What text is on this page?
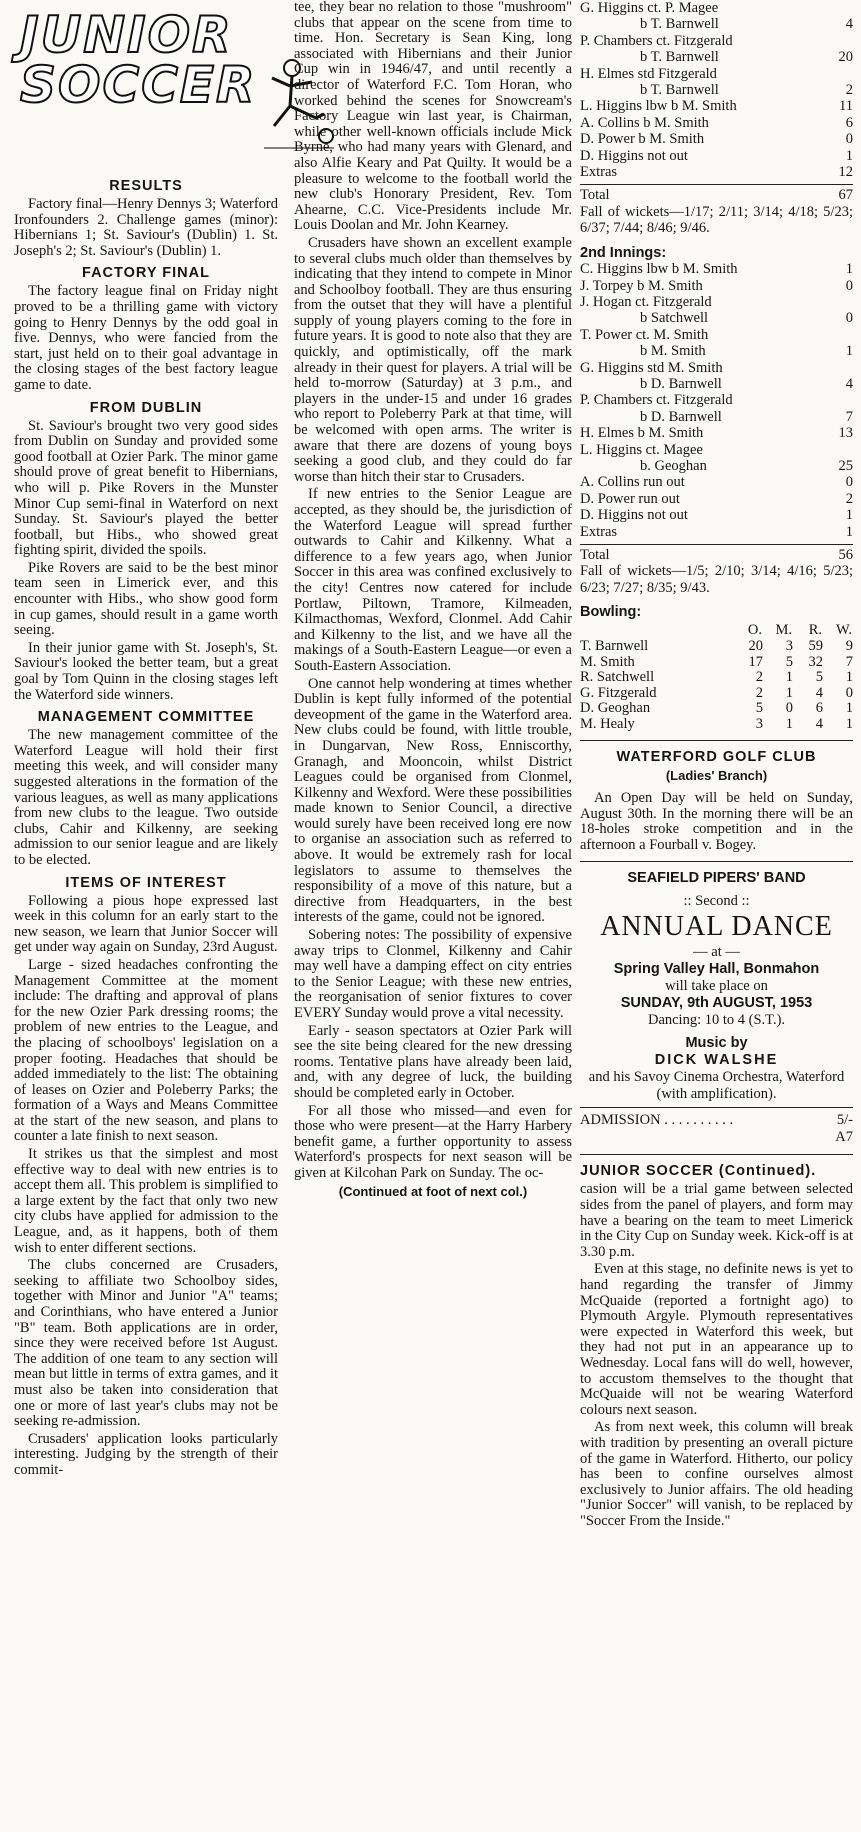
JUNIOR SOCCER
RESULTS

Factory final—Henry Dennys 3; Waterford Ironfounders 2. Challenge games (minor): Hibernians 1; St. Saviour's (Dublin) 1. St. Joseph's 2; St. Saviour's (Dublin) 1.

FACTORY FINAL

The factory league final on Friday night proved to be a thrilling game with victory going to Henry Dennys by the odd goal in five. Dennys, who were fancied from the start, just held on to their goal advantage in the closing stages of the best factory league game to date.

FROM DUBLIN

St. Saviour's brought two very good sides from Dublin on Sunday and provided some good football at Ozier Park. The minor game should prove of great benefit to Hibernians, who will p. Pike Rovers in the Munster Minor Cup semi-final in Waterford on next Sunday. St. Saviour's played the better football, but Hibs., who showed great fighting spirit, divided the spoils.

Pike Rovers are said to be the best minor team seen in Limerick ever, and this encounter with Hibs., who show good form in cup games, should result in a game worth seeing.

In their junior game with St. Joseph's, St. Saviour's looked the better team, but a great goal by Tom Quinn in the closing stages left the Waterford side winners.

MANAGEMENT COMMITTEE

The new management committee of the Waterford League will hold their first meeting this week, and will consider many suggested alterations in the formation of the various leagues, as well as many applications from new clubs to the league. Two outside clubs, Cahir and Kilkenny, are seeking admission to our senior league and are likely to be elected.

ITEMS OF INTEREST

Following a pious hope expressed last week in this column for an early start to the new season, we learn that Junior Soccer will get under way again on Sunday, 23rd August.

Large - sized headaches confronting the Management Committee at the moment include: The drafting and approval of plans for the new Ozier Park dressing rooms; the problem of new entries to the League, and the placing of schoolboys' legislation on a proper footing. Headaches that should be added immediately to the list: The obtaining of leases on Ozier and Poleberry Parks; the formation of a Ways and Means Committee at the start of the new season, and plans to counter a late finish to next season.

It strikes us that the simplest and most effective way to deal with new entries is to accept them all. This problem is simplified to a large extent by the fact that only two new city clubs have applied for admission to the League, and, as it happens, both of them wish to enter different sections.

The clubs concerned are Crusaders, seeking to affiliate two Schoolboy sides, together with Minor and Junior "A" teams; and Corinthians, who have entered a Junior "B" team. Both applications are in order, since they were received before 1st August. The addition of one team to any section will mean but little in terms of extra games, and it must also be taken into consideration that one or more of last year's clubs may not be seeking re-admission.

Crusaders' application looks particularly interesting. Judging by the strength of their commit-

tee, they bear no relation to those "mushroom" clubs that appear on the scene from time to time. Hon. Secretary is Sean King, long associated with Hibernians and their Junior Cup win in 1946/47, and until recently a director of Waterford F.C. Tom Horan, who worked behind the scenes for Snowcream's Factory League win last year, is Chairman, while other well-known officials include Mick Byrne, who had many years with Glenard, and also Alfie Keary and Pat Quilty. It would be a pleasure to welcome to the football world the new club's Honorary President, Rev. Tom Ahearne, C.C. Vice-Presidents include Mr. Louis Doolan and Mr. John Kearney.

Crusaders have shown an excellent example to several clubs much older than themselves by indicating that they intend to compete in Minor and Schoolboy football. They are thus ensuring from the outset that they will have a plentiful supply of young players coming to the fore in future years. It is good to note also that they are quickly, and optimistically, off the mark already in their quest for players. A trial will be held to-morrow (Saturday) at 3 p.m., and players in the under-15 and under 16 grades who report to Poleberry Park at that time, will be welcomed with open arms. The writer is aware that there are dozens of young boys seeking a good club, and they could do far worse than hitch their star to Crusaders.

If new entries to the Senior League are accepted, as they should be, the jurisdiction of the Waterford League will spread further outwards to Cahir and Kilkenny. What a difference to a few years ago, when Junior Soccer in this area was confined exclusively to the city! Centres now catered for include Portlaw, Piltown, Tramore, Kilmeaden, Kilmacthomas, Wexford, Clonmel. Add Cahir and Kilkenny to the list, and we have all the makings of a South-Eastern League—or even a South-Eastern Association.

One cannot help wondering at times whether Dublin is kept fully informed of the potential deveopment of the game in the Waterford area. New clubs could be found, with little trouble, in Dungarvan, New Ross, Enniscorthy, Granagh, and Mooncoin, whilst District Leagues could be organised from Clonmel, Kilkenny and Wexford. Were these possibilities made known to Senior Council, a directive would surely have been received long ere now to organise an association such as referred to above. It would be extremely rash for local legislators to assume to themselves the responsibility of a move of this nature, but a directive from Headquarters, in the best interests of the game, could not be ignored.

Sobering notes: The possibility of expensive away trips to Clonmel, Kilkenny and Cahir may well have a damping effect on city entries to the Senior League; with these new entries, the reorganisation of senior fixtures to cover EVERY Sunday would prove a vital necessity.

Early - season spectators at Ozier Park will see the site being cleared for the new dressing rooms. Tentative plans have already been laid, and, with any degree of luck, the building should be completed early in October.

For all those who missed—and even for those who were present—at the Harry Harbery benefit game, a further opportunity to assess Waterford's prospects for next season will be given at Kilcohan Park on Sunday. The oc-

(Continued at foot of next col.)
G. Higgins ct. P. Magee
b T. Barnwell	4
P. Chambers ct. Fitzgerald
b T. Barnwell	20
H. Elmes std Fitzgerald
b T. Barnwell	2
L. Higgins lbw b M. Smith	11
A. Collins b M. Smith	6
D. Power b M. Smith	0
D. Higgins not out	1
Extras	12
Total	67
Fall of wickets—1/17; 2/11; 3/14; 4/18; 5/23; 6/37; 7/44; 8/46; 9/46.
2nd Innings:
C. Higgins lbw b M. Smith	1
J. Torpey b M. Smith	0
J. Hogan ct. Fitzgerald
b Satchwell	0
T. Power ct. M. Smith
b M. Smith	1
G. Higgins std M. Smith
b D. Barnwell	4
P. Chambers ct. Fitzgerald
b D. Barnwell	7
H. Elmes b M. Smith	13
L. Higgins ct. Magee
b. Geoghan	25
A. Collins run out	0
D. Power run out	2
D. Higgins not out	1
Extras	1
Total	56
Fall of wickets—1/5; 2/10; 3/14; 4/16; 5/23; 6/23; 7/27; 8/35; 9/43.
Bowling:
	O.	M.	R.	W.
T. Barnwell	20	3	59	9
M. Smith	17	5	32	7
R. Satchwell	2	1	5	1
G. Fitzgerald	2	1	4	0
D. Geoghan	5	0	6	1
M. Healy	3	1	4	1
WATERFORD GOLF CLUB
(Ladies' Branch)

An Open Day will be held on Sunday, August 30th. In the morning there will be an 18-holes stroke competition and in the afternoon a Fourball v. Bogey.

SEAFIELD PIPERS' BAND
:: Second ::
ANNUAL DANCE
— at —
Spring Valley Hall, Bonmahon
will take place on
SUNDAY, 9th AUGUST, 1953
Dancing: 10 to 4 (S.T.).
Music by
DICK WALSHE
and his Savoy Cinema Orchestra, Waterford (with amplification).
ADMISSION . . . . . . . . . .	5/-
A7
JUNIOR SOCCER (Continued).

casion will be a trial game between selected sides from the panel of players, and form may have a bearing on the team to meet Limerick in the City Cup on Sunday week. Kick-off is at 3.30 p.m.

Even at this stage, no definite news is yet to hand regarding the transfer of Jimmy McQuaide (reported a fortnight ago) to Plymouth Argyle. Plymouth representatives were expected in Waterford this week, but they had not put in an appearance up to Wednesday. Local fans will do well, however, to accustom themselves to the thought that McQuaide will not be wearing Waterford colours next season.

As from next week, this column will break with tradition by presenting an overall picture of the game in Waterford. Hitherto, our policy has been to confine ourselves almost exclusively to Junior affairs. The old heading "Junior Soccer" will vanish, to be replaced by "Soccer From the Inside."
